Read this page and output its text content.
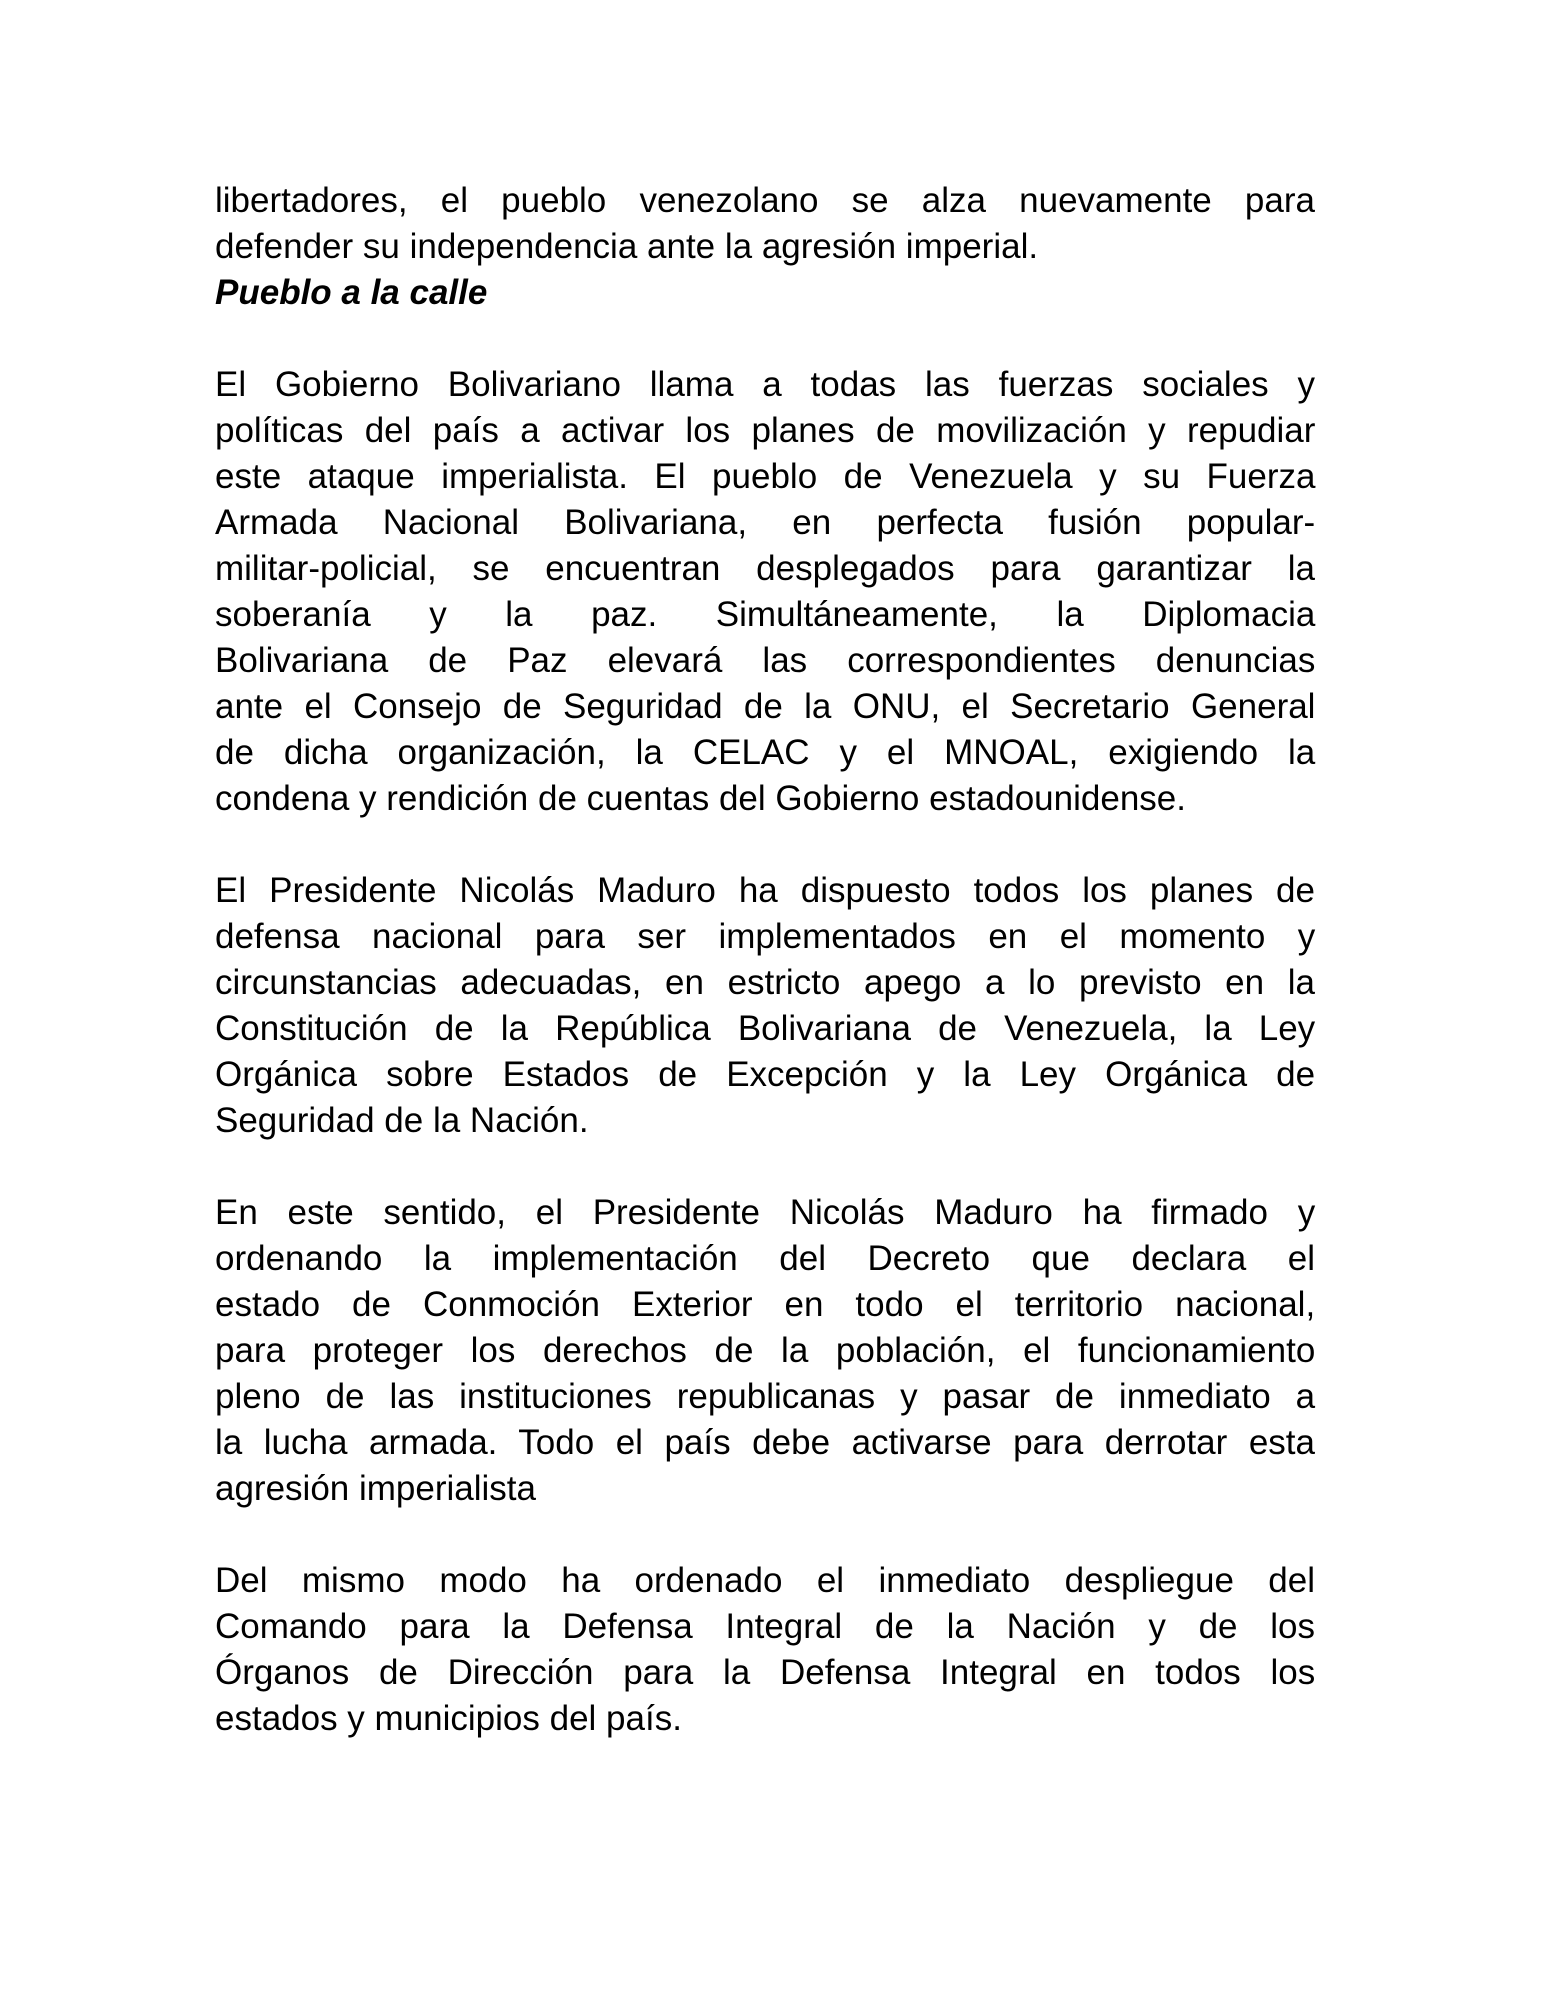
libertadores, el pueblo venezolano se alza nuevamente para
defender su independencia ante la agresión imperial.
Pueblo a la calle
El Gobierno Bolivariano llama a todas las fuerzas sociales y
políticas del país a activar los planes de movilización y repudiar
este ataque imperialista. El pueblo de Venezuela y su Fuerza
Armada Nacional Bolivariana, en perfecta fusión popular-
militar-policial, se encuentran desplegados para garantizar la
soberanía y la paz. Simultáneamente, la Diplomacia
Bolivariana de Paz elevará las correspondientes denuncias
ante el Consejo de Seguridad de la ONU, el Secretario General
de dicha organización, la CELAC y el MNOAL, exigiendo la
condena y rendición de cuentas del Gobierno estadounidense.
El Presidente Nicolás Maduro ha dispuesto todos los planes de
defensa nacional para ser implementados en el momento y
circunstancias adecuadas, en estricto apego a lo previsto en la
Constitución de la República Bolivariana de Venezuela, la Ley
Orgánica sobre Estados de Excepción y la Ley Orgánica de
Seguridad de la Nación.
En este sentido, el Presidente Nicolás Maduro ha firmado y
ordenando la implementación del Decreto que declara el
estado de Conmoción Exterior en todo el territorio nacional,
para proteger los derechos de la población, el funcionamiento
pleno de las instituciones republicanas y pasar de inmediato a
la lucha armada. Todo el país debe activarse para derrotar esta
agresión imperialista
Del mismo modo ha ordenado el inmediato despliegue del
Comando para la Defensa Integral de la Nación y de los
Órganos de Dirección para la Defensa Integral en todos los
estados y municipios del país.
